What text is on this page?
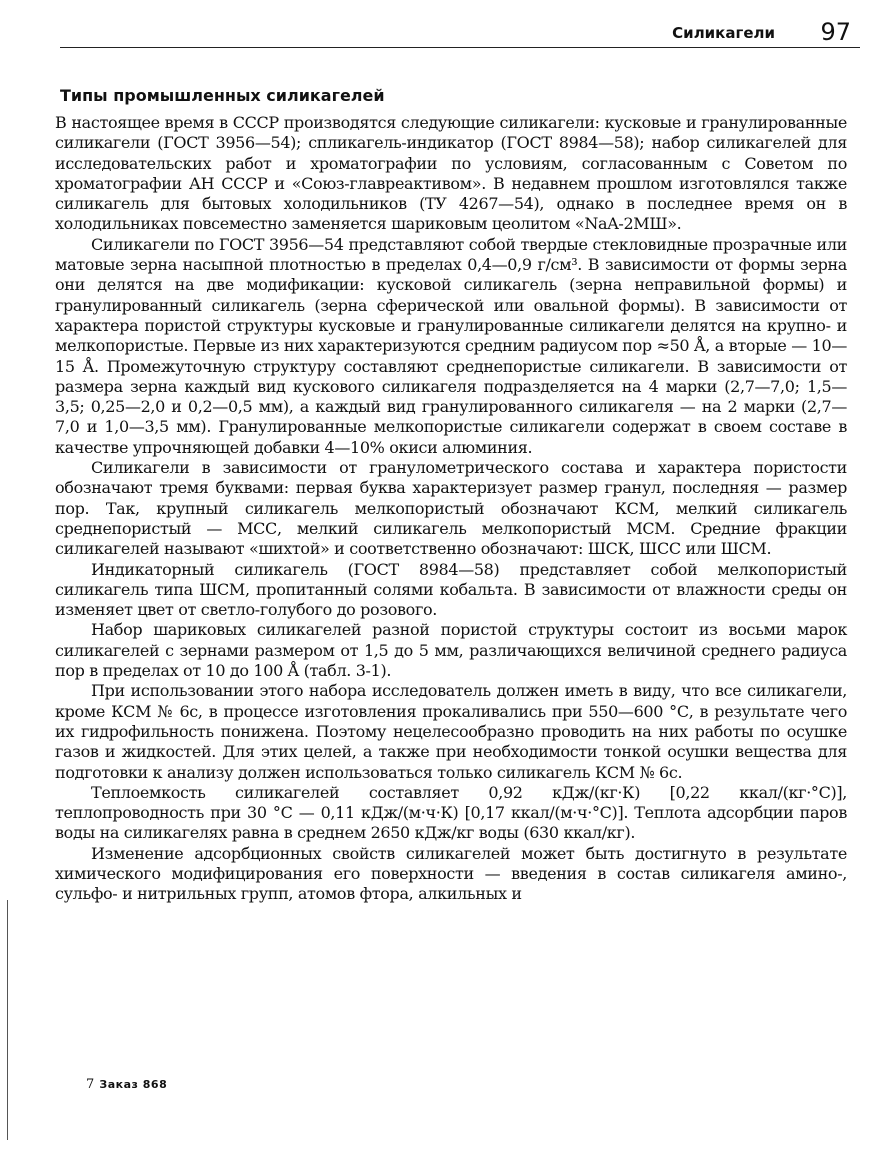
Силикагели 97
Типы промышленных силикагелей

В настоящее время в СССР производятся следующие силикагели: кусковые и гранулированные силикагели (ГОСТ 3956—54); спликагель-индикатор (ГОСТ 8984—58); набор силикагелей для исследовательских работ и хроматографии по условиям, согласованным с Советом по хроматографии АН СССР и «Союз-главреактивом». В недавнем прошлом изготовлялся также силикагель для бытовых холодильников (ТУ 4267—54), однако в последнее время он в холодильниках повсеместно заменяется шариковым цеолитом «NaA-2МШ».

Силикагели по ГОСТ 3956—54 представляют собой твердые стекловидные прозрачные или матовые зерна насыпной плотностью в пределах 0,4—0,9 г/см³. В зависимости от формы зерна они делятся на две модификации: кусковой силикагель (зерна неправильной формы) и гранулированный силикагель (зерна сферической или овальной формы). В зависимости от характера пористой структуры кусковые и гранулированные силикагели делятся на крупно- и мелкопористые. Первые из них характеризуются средним радиусом пор ≈50 Å, а вторые — 10—15 Å. Промежуточную структуру составляют среднепористые силикагели. В зависимости от размера зерна каждый вид кускового силикагеля подразделяется на 4 марки (2,7—7,0; 1,5—3,5; 0,25—2,0 и 0,2—0,5 мм), а каждый вид гранулированного силикагеля — на 2 марки (2,7—7,0 и 1,0—3,5 мм). Гранулированные мелкопористые силикагели содержат в своем составе в качестве упрочняющей добавки 4—10% окиси алюминия.

Силикагели в зависимости от гранулометрического состава и характера пористости обозначают тремя буквами: первая буква характеризует размер гранул, последняя — размер пор. Так, крупный силикагель мелкопористый обозначают КСМ, мелкий силикагель среднепористый — МСС, мелкий силикагель мелкопористый МСМ. Средние фракции силикагелей называют «шихтой» и соответственно обозначают: ШСК, ШСС или ШСМ.

Индикаторный силикагель (ГОСТ 8984—58) представляет собой мелкопористый силикагель типа ШСМ, пропитанный солями кобальта. В зависимости от влажности среды он изменяет цвет от светло-голубого до розового.

Набор шариковых силикагелей разной пористой структуры состоит из восьми марок силикагелей с зернами размером от 1,5 до 5 мм, различающихся величиной среднего радиуса пор в пределах от 10 до 100 Å (табл. 3-1).

При использовании этого набора исследователь должен иметь в виду, что все силикагели, кроме КСМ № 6с, в процессе изготовления прокаливались при 550—600 °С, в результате чего их гидрофильность понижена. Поэтому нецелесообразно проводить на них работы по осушке газов и жидкостей. Для этих целей, а также при необходимости тонкой осушки вещества для подготовки к анализу должен использоваться только силикагель КСМ № 6с.

Теплоемкость силикагелей составляет 0,92 кДж/(кг·К) [0,22 ккал/(кг·°С)], теплопроводность при 30 °С — 0,11 кДж/(м·ч·К) [0,17 ккал/(м·ч·°С)]. Теплота адсорбции паров воды на силикагелях равна в среднем 2650 кДж/кг воды (630 ккал/кг).

Изменение адсорбционных свойств силикагелей может быть достигнуто в результате химического модифицирования его поверхности — введения в состав силикагеля амино-, сульфо- и нитрильных групп, атомов фтора, алкильных и

7 Заказ 868
